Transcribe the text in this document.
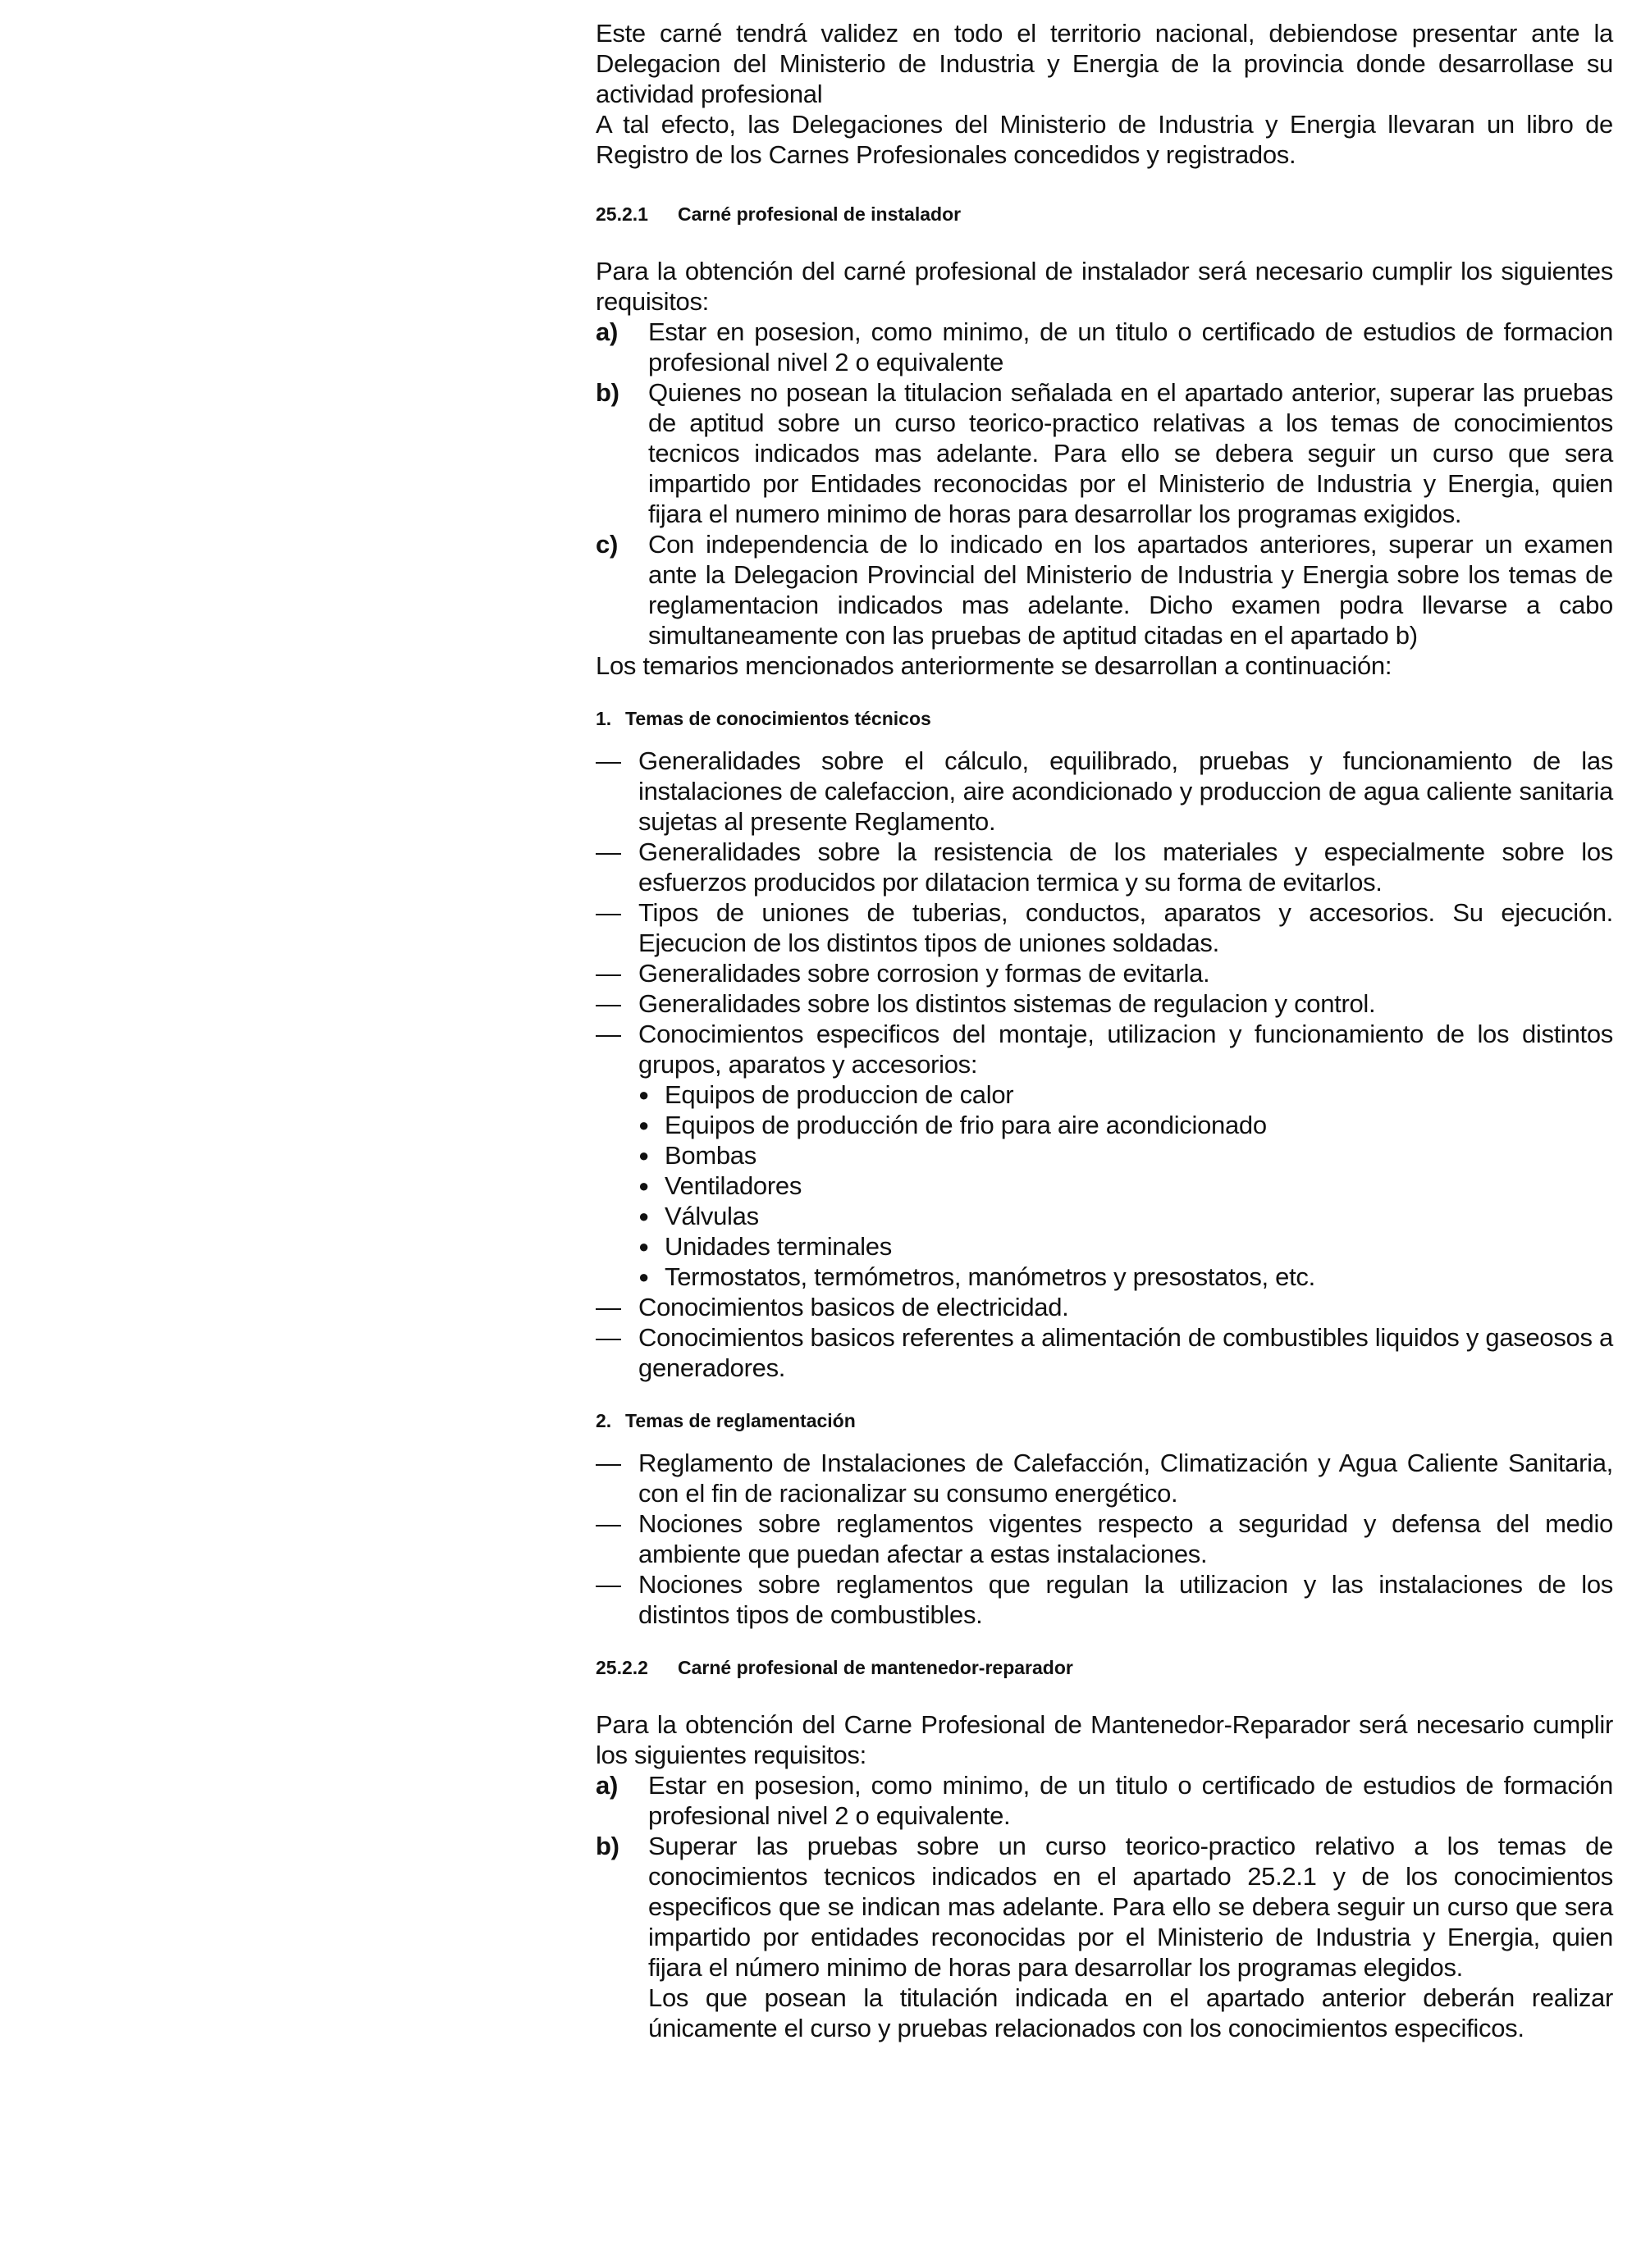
Este carné tendrá validez en todo el territorio nacional, debiendose presentar ante la Delegacion del Ministerio de Industria y Energia de la provincia donde desarrollase su actividad profesional

A tal efecto, las Delegaciones del Ministerio de Industria y Energia llevaran un libro de Registro de los Carnes Profesionales concedidos y registrados.

25.2.1 Carné profesional de instalador

Para la obtención del carné profesional de instalador será necesario cumplir los siguientes requisitos:

a)	Estar en posesion, como minimo, de un titulo o certificado de estudios de formacion profesional nivel 2 o equivalente
b)	Quienes no posean la titulacion señalada en el apartado anterior, superar las pruebas de aptitud sobre un curso teorico-practico relativas a los temas de conocimientos tecnicos indicados mas adelante. Para ello se debera seguir un curso que sera impartido por Entidades reconocidas por el Ministerio de Industria y Energia, quien fijara el numero minimo de horas para desarrollar los programas exigidos.
c)	Con independencia de lo indicado en los apartados anteriores, superar un examen ante la Delegacion Provincial del Ministerio de Industria y Energia sobre los temas de reglamentacion indicados mas adelante. Dicho examen podra llevarse a cabo simultaneamente con las pruebas de aptitud citadas en el apartado b)

Los temarios mencionados anteriormente se desarrollan a continuación:

1. Temas de conocimientos técnicos

— Generalidades sobre el cálculo, equilibrado, pruebas y funcionamiento de las instalaciones de calefaccion, aire acondicionado y produccion de agua caliente sanitaria sujetas al presente Reglamento.
— Generalidades sobre la resistencia de los materiales y especialmente sobre los esfuerzos producidos por dilatacion termica y su forma de evitarlos.
— Tipos de uniones de tuberias, conductos, aparatos y accesorios. Su ejecución. Ejecucion de los distintos tipos de uniones soldadas.
— Generalidades sobre corrosion y formas de evitarla.
— Generalidades sobre los distintos sistemas de regulacion y control.
— Conocimientos especificos del montaje, utilizacion y funcionamiento de los distintos grupos, aparatos y accesorios:
● Equipos de produccion de calor
● Equipos de producción de frio para aire acondicionado
● Bombas
● Ventiladores
● Válvulas
● Unidades terminales
● Termostatos, termómetros, manómetros y presostatos, etc.
— Conocimientos basicos de electricidad.
— Conocimientos basicos referentes a alimentación de combustibles liquidos y gaseosos a generadores.

2. Temas de reglamentación

— Reglamento de Instalaciones de Calefacción, Climatización y Agua Caliente Sanitaria, con el fin de racionalizar su consumo energético.
— Nociones sobre reglamentos vigentes respecto a seguridad y defensa del medio ambiente que puedan afectar a estas instalaciones.
— Nociones sobre reglamentos que regulan la utilizacion y las instalaciones de los distintos tipos de combustibles.

25.2.2 Carné profesional de mantenedor-reparador

Para la obtención del Carne Profesional de Mantenedor-Reparador será necesario cumplir los siguientes requisitos:

a)	Estar en posesion, como minimo, de un titulo o certificado de estudios de formación profesional nivel 2 o equivalente.
b)	Superar las pruebas sobre un curso teorico-practico relativo a los temas de conocimientos tecnicos indicados en el apartado 25.2.1 y de los conocimientos especificos que se indican mas adelante. Para ello se debera seguir un curso que sera impartido por entidades reconocidas por el Ministerio de Industria y Energia, quien fijara el número minimo de horas para desarrollar los programas elegidos.

Los que posean la titulación indicada en el apartado anterior deberán realizar únicamente el curso y pruebas relacionados con los conocimientos especificos.
